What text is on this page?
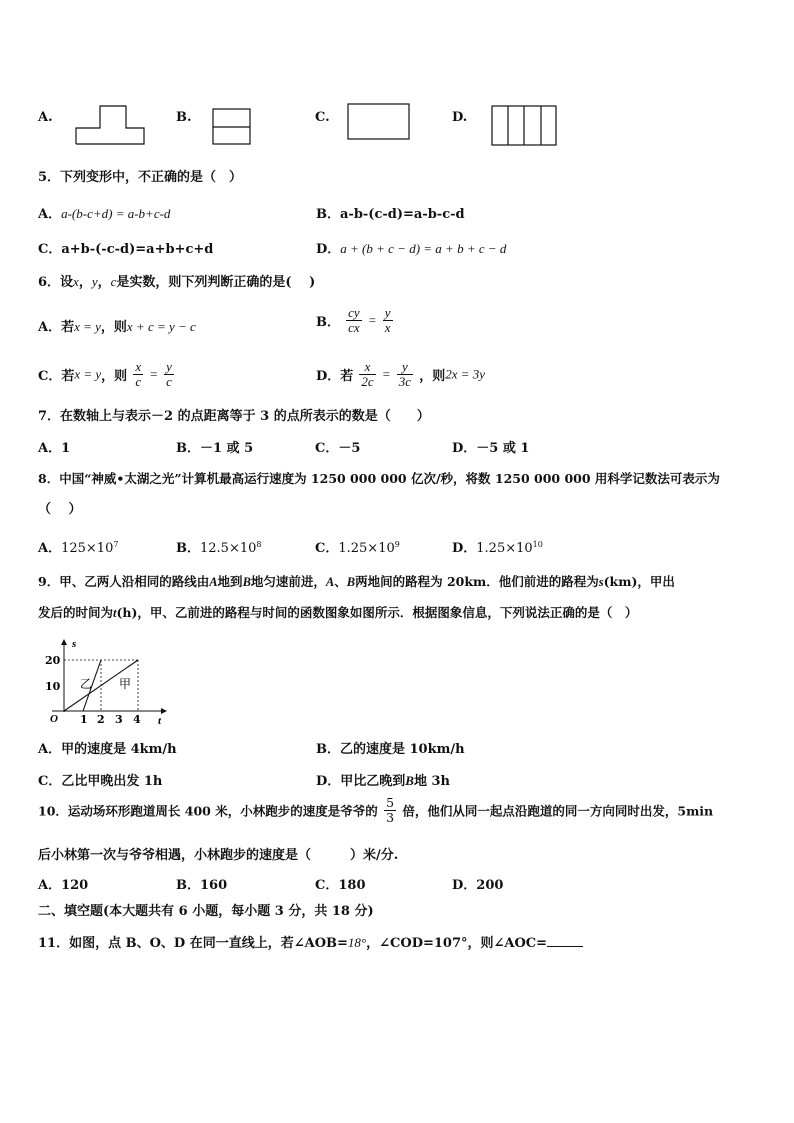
A.	B.	C.	D.
5．下列变形中，不正确的是（　）
A．a-(b-c+d) = a-b+c-d	B．a-b-(c-d)=a-b-c-d
C．a+b-(-c-d)=a+b+c+d	D．a + (b + c − d) = a + b + c − d
6．设x，y，c是实数，则下列判断正确的是(　 )
A．若x = y，则x + c = y − c	B． $\frac{cy}{cx} = \frac{y}{x}$
C．若x = y，则 $\frac{x}{c} = \frac{y}{c}$	D．若 $\frac{x}{2c} = \frac{y}{3c}$ ，则2x = 3y
7．在数轴上与表示－2 的点距离等于 3 的点所表示的数是（　　）
A．1	B．－1 或 5	C．－5	D．－5 或 1
8．中国“神威•太湖之光”计算机最高运行速度为 1250 000 000 亿次/秒，将数 1250 000 000 用科学记数法可表示为
（　 ）
A．$125\times 10^7$	B．$12.5\times 10^8$	C．$1.25\times 10^9$	D．$1.25\times 10^{10}$
9．甲、乙两人沿相同的路线由A地到B地匀速前进，A、B两地间的路程为 20km．他们前进的路程为s(km)，甲出
发后的时间为t(h)，甲、乙前进的路程与时间的函数图象如图所示．根据图象信息，下列说法正确的是（　）
s
t
O
20
10
1 2 3 4
乙 甲
A．甲的速度是 4km/h	B．乙的速度是 10km/h
C．乙比甲晚出发 1h	D．甲比乙晚到B地 3h
10．运动场环形跑道周长 400 米，小林跑步的速度是爷爷的 $\frac{5}{3}$ 倍，他们从同一起点沿跑道的同一方向同时出发，5min
后小林第一次与爷爷相遇，小林跑步的速度是（　　　）米/分.
A．120	B．160	C．180	D．200
二、填空题(本大题共有 6 小题，每小题 3 分，共 18 分)
11．如图，点 B、O、D 在同一直线上，若∠AOB=18°，∠COD=107°，则∠AOC=
